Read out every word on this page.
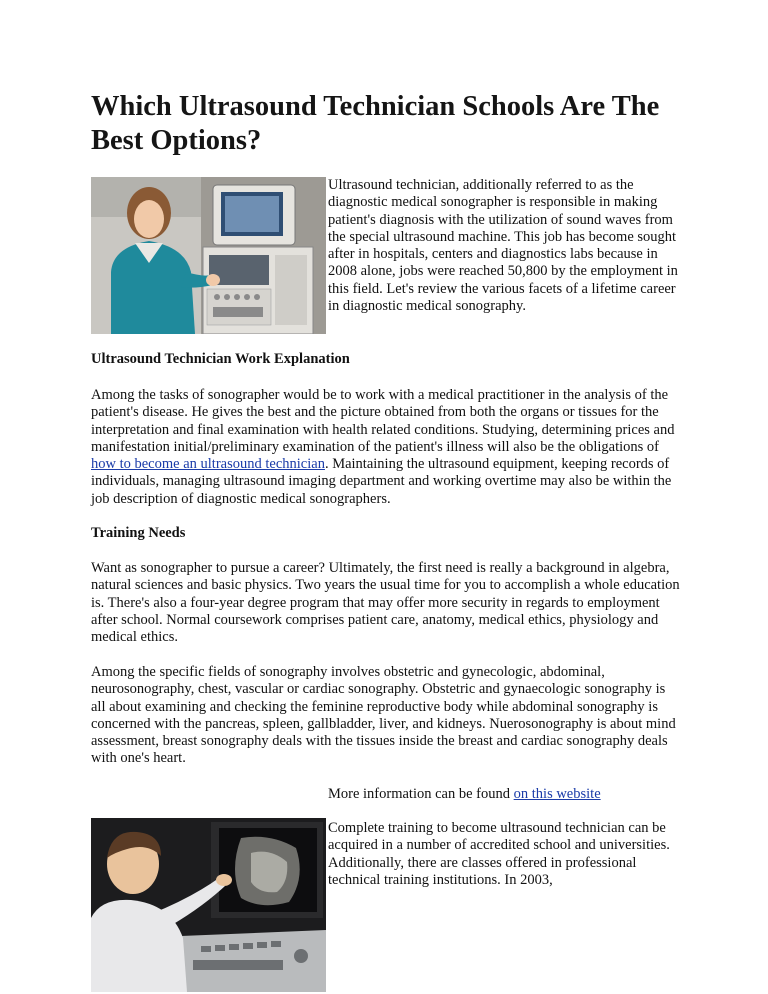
Which Ultrasound Technician Schools Are The Best Options?

Ultrasound technician, additionally referred to as the diagnostic medical sonographer is responsible in making patient's diagnosis with the utilization of sound waves from the special ultrasound machine. This job has become sought after in hospitals, centers and diagnostics labs because in 2008 alone, jobs were reached 50,800 by the employment in this field. Let's review the various facets of a lifetime career in diagnostic medical sonography.

Ultrasound Technician Work Explanation

Among the tasks of sonographer would be to work with a medical practitioner in the analysis of the patient's disease. He gives the best and the picture obtained from both the organs or tissues for the interpretation and final examination with health related conditions. Studying, determining prices and manifestation initial/preliminary examination of the patient's illness will also be the obligations of how to become an ultrasound technician. Maintaining the ultrasound equipment, keeping records of individuals, managing ultrasound imaging department and working overtime may also be within the job description of diagnostic medical sonographers.

Training Needs

Want as sonographer to pursue a career? Ultimately, the first need is really a background in algebra, natural sciences and basic physics. Two years the usual time for you to accomplish a whole education is. There's also a four-year degree program that may offer more security in regards to employment after school. Normal coursework comprises patient care, anatomy, medical ethics, physiology and medical ethics.

Among the specific fields of sonography involves obstetric and gynecologic, abdominal, neurosonography, chest, vascular or cardiac sonography. Obstetric and gynaecologic sonography is all about examining and checking the feminine reproductive body while abdominal sonography is concerned with the pancreas, spleen, gallbladder, liver, and kidneys. Nuerosonography is about mind assessment, breast sonography deals with the tissues inside the breast and cardiac sonography deals with one's heart.

More information can be found on this website

Complete training to become ultrasound technician can be acquired in a number of accredited school and universities. Additionally, there are classes offered in professional technical training institutions. In 2003,
